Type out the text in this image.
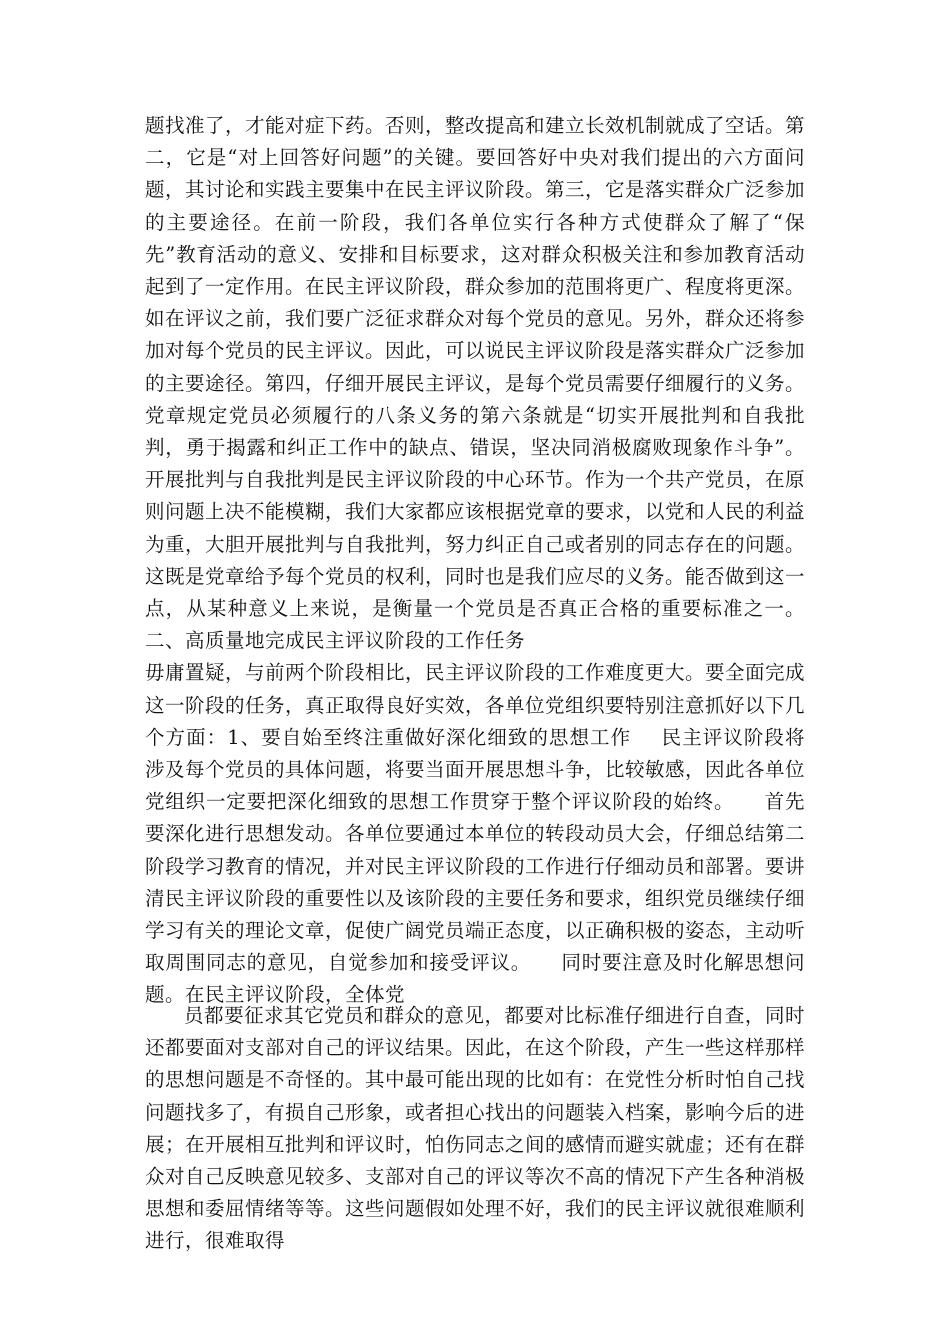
题找准了，才能对症下药。否则，整改提高和建立长效机制就成了空话。第二，它是“对上回答好问题”的关键。要回答好中央对我们提出的六方面问题，其讨论和实践主要集中在民主评议阶段。第三，它是落实群众广泛参加的主要途径。在前一阶段，我们各单位实行各种方式使群众了解了“保先”教育活动的意义、安排和目标要求，这对群众积极关注和参加教育活动起到了一定作用。在民主评议阶段，群众参加的范围将更广、程度将更深。如在评议之前，我们要广泛征求群众对每个党员的意见。另外，群众还将参加对每个党员的民主评议。因此，可以说民主评议阶段是落实群众广泛参加的主要途径。第四，仔细开展民主评议，是每个党员需要仔细履行的义务。党章规定党员必须履行的八条义务的第六条就是“切实开展批判和自我批判，勇于揭露和纠正工作中的缺点、错误，坚决同消极腐败现象作斗争”。开展批判与自我批判是民主评议阶段的中心环节。作为一个共产党员，在原则问题上决不能模糊，我们大家都应该根据党章的要求，以党和人民的利益为重，大胆开展批判与自我批判，努力纠正自己或者别的同志存在的问题。这既是党章给予每个党员的权利，同时也是我们应尽的义务。能否做到这一点，从某种意义上来说，是衡量一个党员是否真正合格的重要标准之一。二、高质量地完成民主评议阶段的工作任务
毋庸置疑，与前两个阶段相比，民主评议阶段的工作难度更大。要全面完成这一阶段的任务，真正取得良好实效，各单位党组织要特别注意抓好以下几个方面：1、要自始至终注重做好深化细致的思想工作 民主评议阶段将涉及每个党员的具体问题，将要当面开展思想斗争，比较敏感，因此各单位党组织一定要把深化细致的思想工作贯穿于整个评议阶段的始终。 首先要深化进行思想发动。各单位要通过本单位的转段动员大会，仔细总结第二阶段学习教育的情况，并对民主评议阶段的工作进行仔细动员和部署。要讲清民主评议阶段的重要性以及该阶段的主要任务和要求，组织党员继续仔细学习有关的理论文章，促使广阔党员端正态度，以正确积极的姿态，主动听取周围同志的意见，自觉参加和接受评议。 同时要注意及时化解思想问题。在民主评议阶段，全体党

员都要征求其它党员和群众的意见，都要对比标准仔细进行自查，同时还都要面对支部对自己的评议结果。因此，在这个阶段，产生一些这样那样的思想问题是不奇怪的。其中最可能出现的比如有：在党性分析时怕自己找问题找多了，有损自己形象，或者担心找出的问题装入档案，影响今后的进展；在开展相互批判和评议时，怕伤同志之间的感情而避实就虚；还有在群众对自己反映意见较多、支部对自己的评议等次不高的情况下产生各种消极思想和委屈情绪等等。这些问题假如处理不好，我们的民主评议就很难顺利进行，很难取得
